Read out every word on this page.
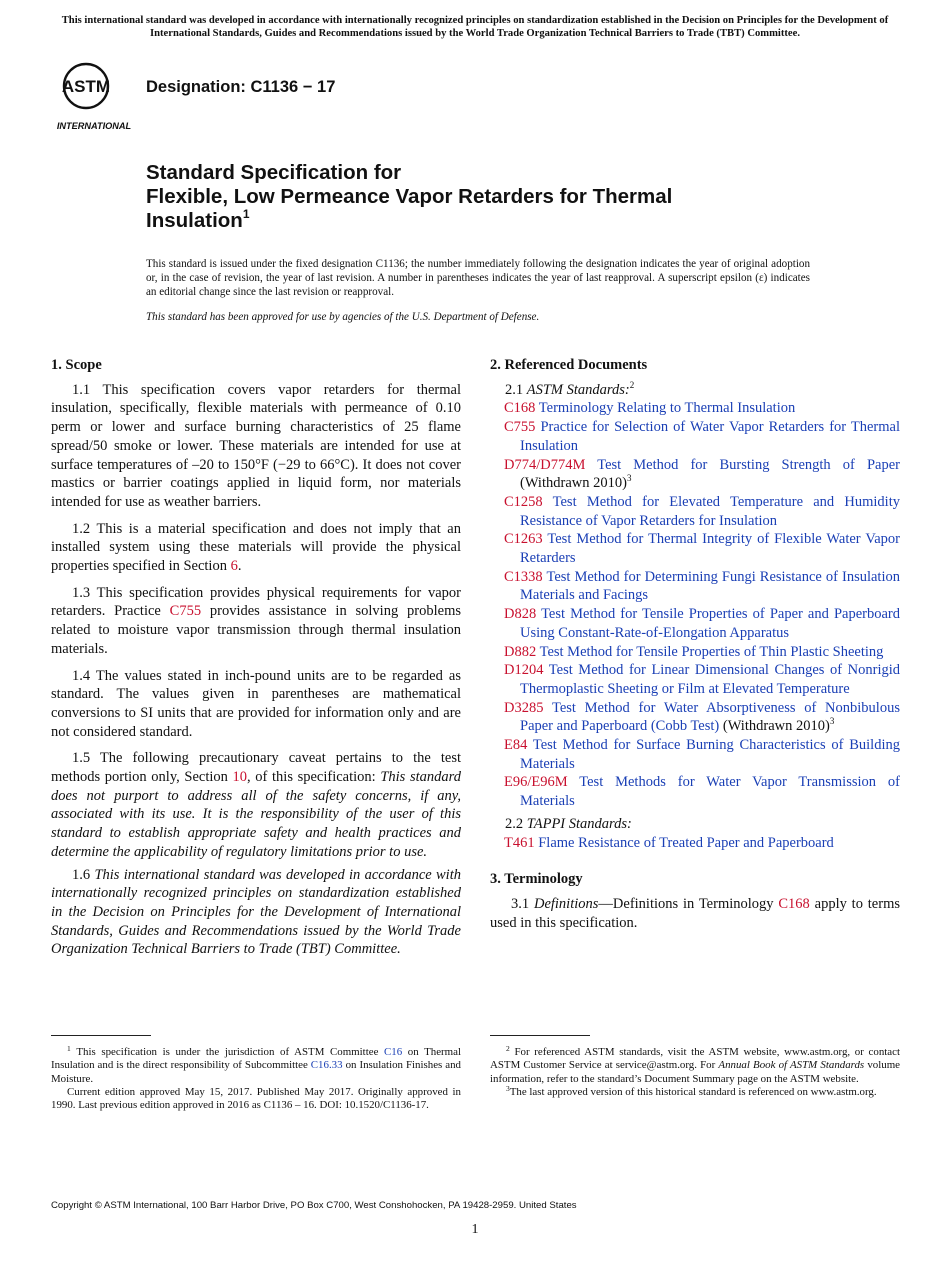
This international standard was developed in accordance with internationally recognized principles on standardization established in the Decision on Principles for the Development of International Standards, Guides and Recommendations issued by the World Trade Organization Technical Barriers to Trade (TBT) Committee.
ASTM
INTERNATIONAL
Designation: C1136 − 17
Standard Specification for
Flexible, Low Permeance Vapor Retarders for Thermal
Insulation$^1$
This standard is issued under the fixed designation C1136; the number immediately following the designation indicates the year of original adoption or, in the case of revision, the year of last revision. A number in parentheses indicates the year of last reapproval. A superscript epsilon (ε) indicates an editorial change since the last revision or reapproval.
This standard has been approved for use by agencies of the U.S. Department of Defense.
1. Scope

1.1 This specification covers vapor retarders for thermal insulation, specifically, flexible materials with permeance of 0.10 perm or lower and surface burning characteristics of 25 flame spread/50 smoke or lower. These materials are intended for use at surface temperatures of –20 to 150°F (−29 to 66°C). It does not cover mastics or barrier coatings applied in liquid form, nor materials intended for use as weather barriers.

1.2 This is a material specification and does not imply that an installed system using these materials will provide the physical properties specified in Section 6.

1.3 This specification provides physical requirements for vapor retarders. Practice C755 provides assistance in solving problems related to moisture vapor transmission through thermal insulation materials.

1.4 The values stated in inch-pound units are to be regarded as standard. The values given in parentheses are mathematical conversions to SI units that are provided for information only and are not considered standard.

1.5 The following precautionary caveat pertains to the test methods portion only, Section 10, of this specification: This standard does not purport to address all of the safety concerns, if any, associated with its use. It is the responsibility of the user of this standard to establish appropriate safety and health practices and determine the applicability of regulatory limitations prior to use.

1.6 This international standard was developed in accordance with internationally recognized principles on standardization established in the Decision on Principles for the Development of International Standards, Guides and Recommendations issued by the World Trade Organization Technical Barriers to Trade (TBT) Committee.

2. Referenced Documents
2.1 ASTM Standards:$^2$
C168 Terminology Relating to Thermal Insulation
C755 Practice for Selection of Water Vapor Retarders for Thermal Insulation
D774/D774M Test Method for Bursting Strength of Paper (Withdrawn 2010)$^3$
C1258 Test Method for Elevated Temperature and Humidity Resistance of Vapor Retarders for Insulation
C1263 Test Method for Thermal Integrity of Flexible Water Vapor Retarders
C1338 Test Method for Determining Fungi Resistance of Insulation Materials and Facings
D828 Test Method for Tensile Properties of Paper and Paperboard Using Constant-Rate-of-Elongation Apparatus
D882 Test Method for Tensile Properties of Thin Plastic Sheeting
D1204 Test Method for Linear Dimensional Changes of Nonrigid Thermoplastic Sheeting or Film at Elevated Temperature
D3285 Test Method for Water Absorptiveness of Nonbibulous Paper and Paperboard (Cobb Test) (Withdrawn 2010)$^3$
E84 Test Method for Surface Burning Characteristics of Building Materials
E96/E96M Test Methods for Water Vapor Transmission of Materials
2.2 TAPPI Standards:
T461 Flame Resistance of Treated Paper and Paperboard
3. Terminology

3.1 Definitions—Definitions in Terminology C168 apply to terms used in this specification.

$^1$ This specification is under the jurisdiction of ASTM Committee C16 on Thermal Insulation and is the direct responsibility of Subcommittee C16.33 on Insulation Finishes and Moisture.
Current edition approved May 15, 2017. Published May 2017. Originally approved in 1990. Last previous edition approved in 2016 as C1136 – 16. DOI: 10.1520/C1136-17.
$^2$ For referenced ASTM standards, visit the ASTM website, www.astm.org, or contact ASTM Customer Service at service@astm.org. For Annual Book of ASTM Standards volume information, refer to the standard’s Document Summary page on the ASTM website.
$^3$The last approved version of this historical standard is referenced on www.astm.org.
Copyright © ASTM International, 100 Barr Harbor Drive, PO Box C700, West Conshohocken, PA 19428-2959. United States
1
